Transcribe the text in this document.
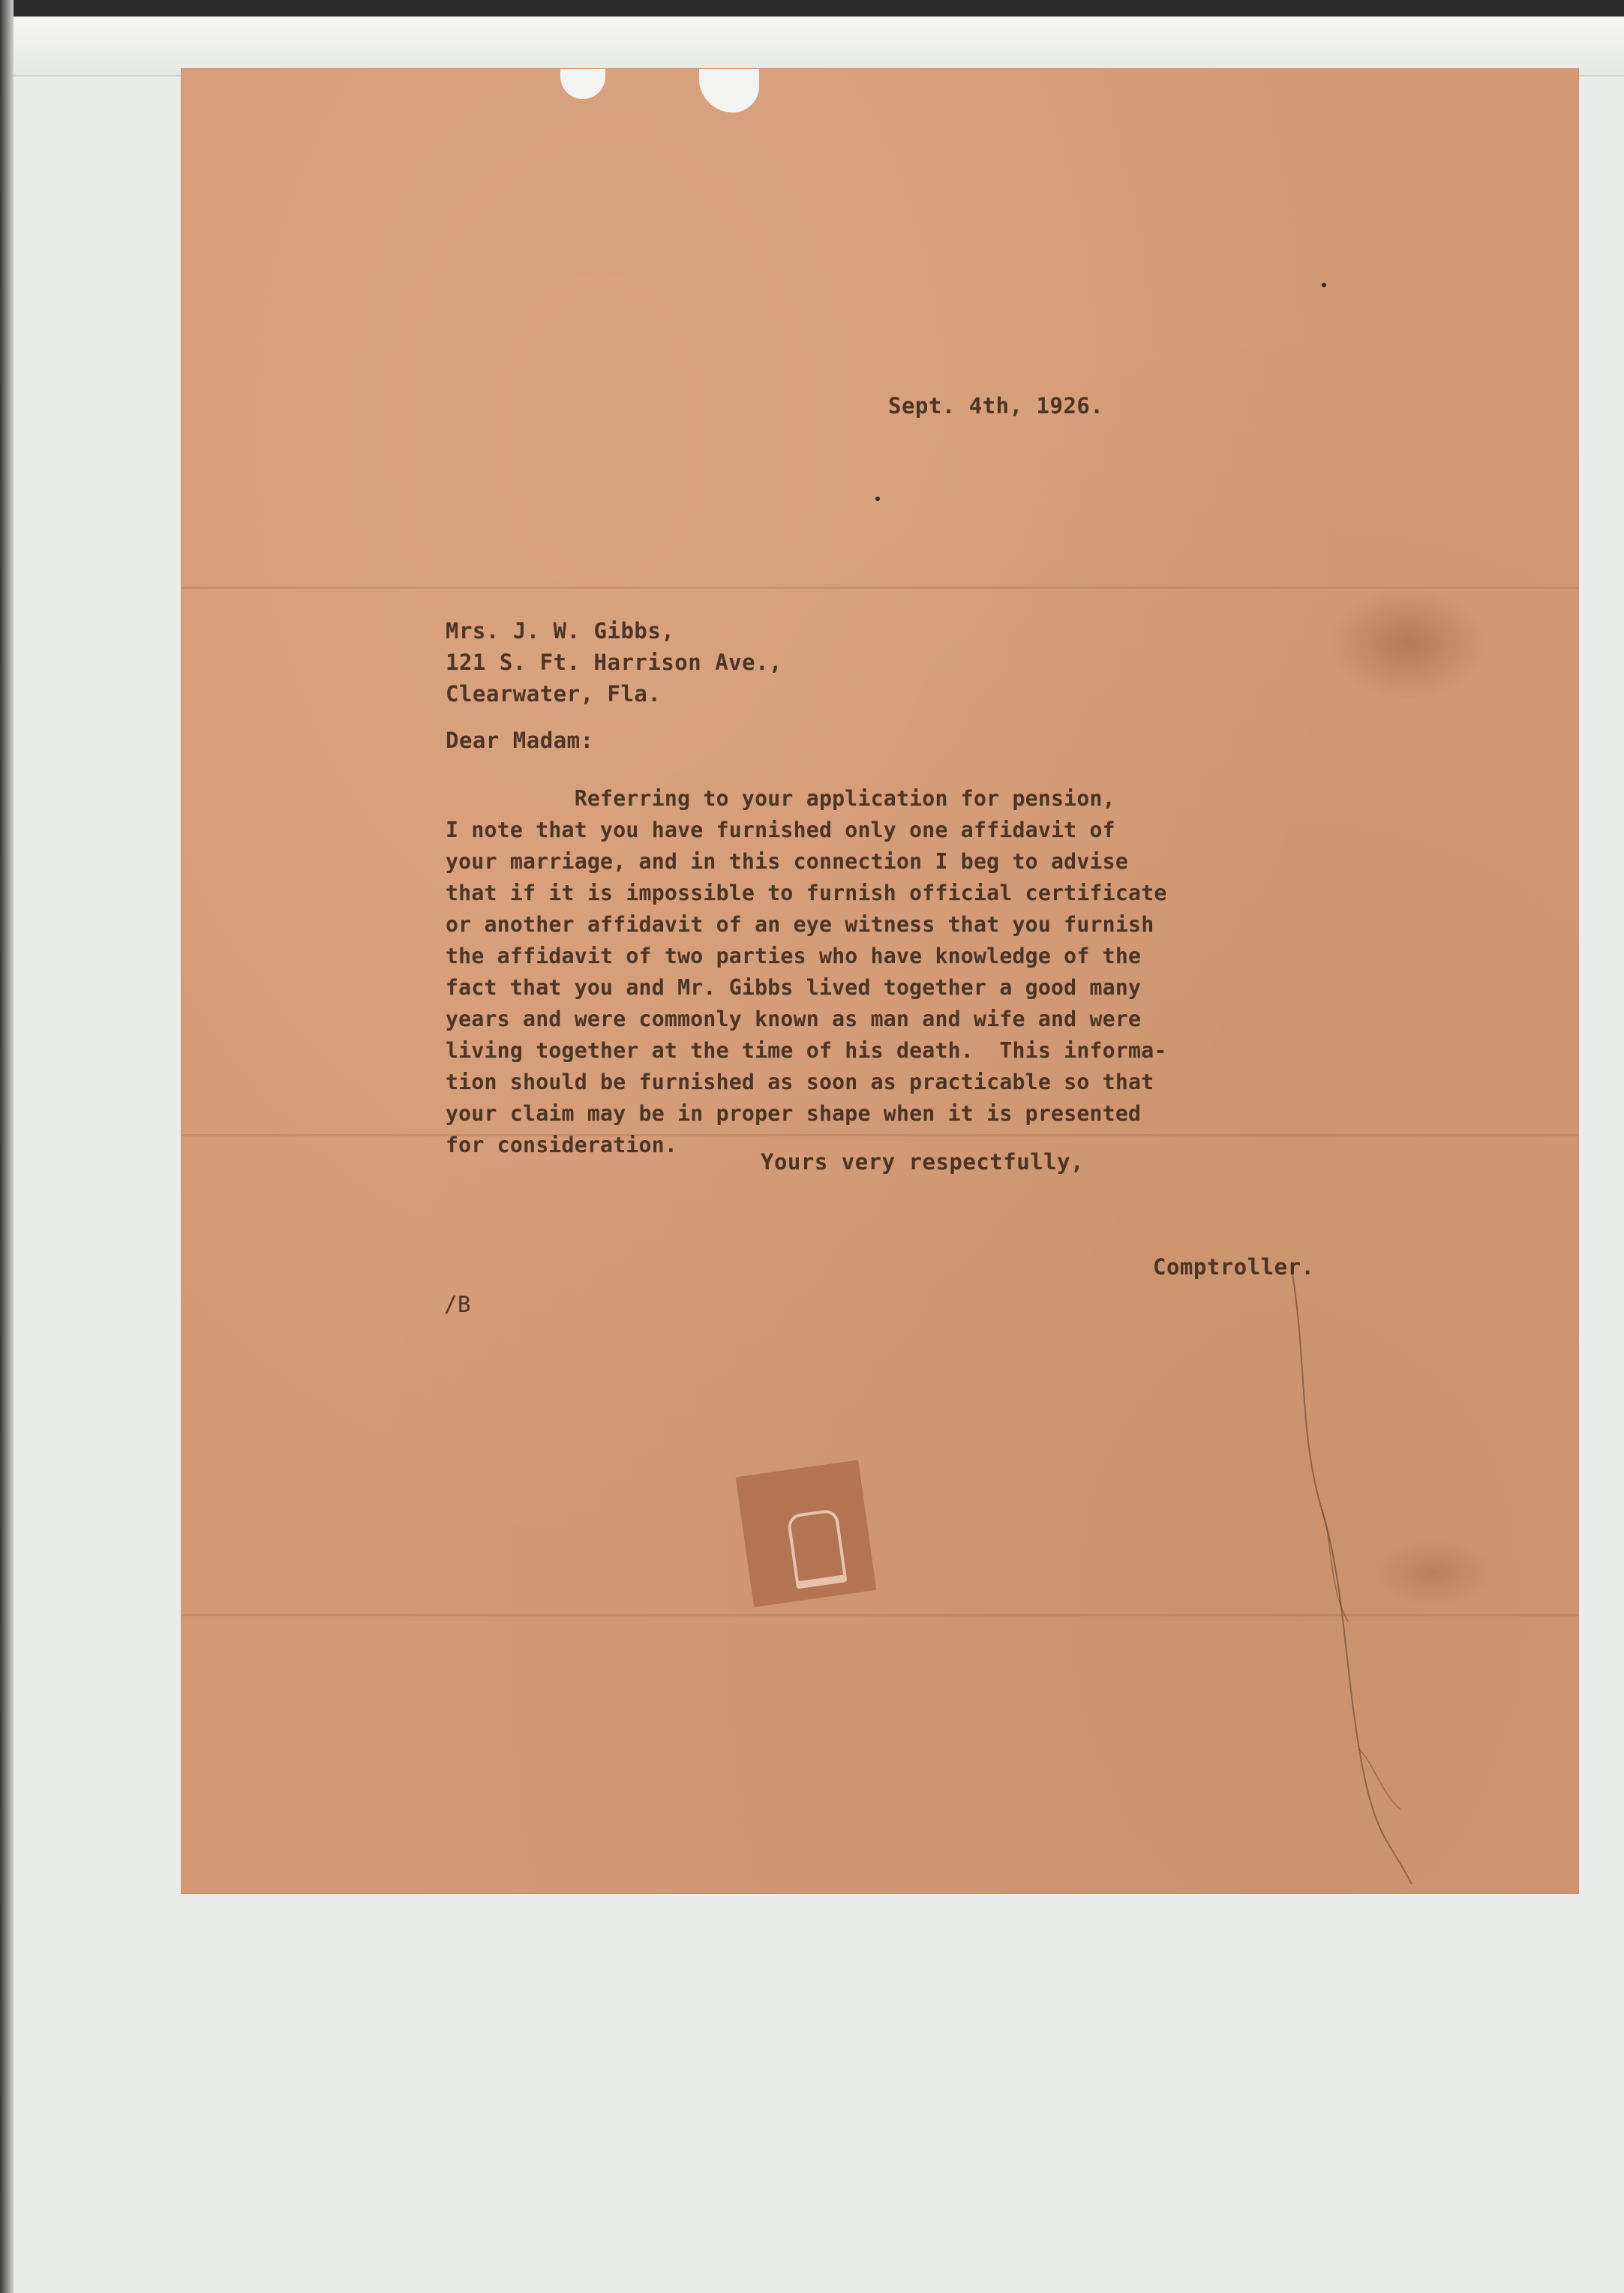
Sept. 4th, 1926.
Mrs. J. W. Gibbs,
121 S. Ft. Harrison Ave.,
Clearwater, Fla.
Dear Madam:
Referring to your application for pension,
I note that you have furnished only one affidavit of
your marriage, and in this connection I beg to advise
that if it is impossible to furnish official certificate
or another affidavit of an eye witness that you furnish
the affidavit of two parties who have knowledge of the
fact that you and Mr. Gibbs lived together a good many
years and were commonly known as man and wife and were
living together at the time of his death.  This informa-
tion should be furnished as soon as practicable so that
your claim may be in proper shape when it is presented
for consideration.
Yours very respectfully,
Comptroller.
/B
